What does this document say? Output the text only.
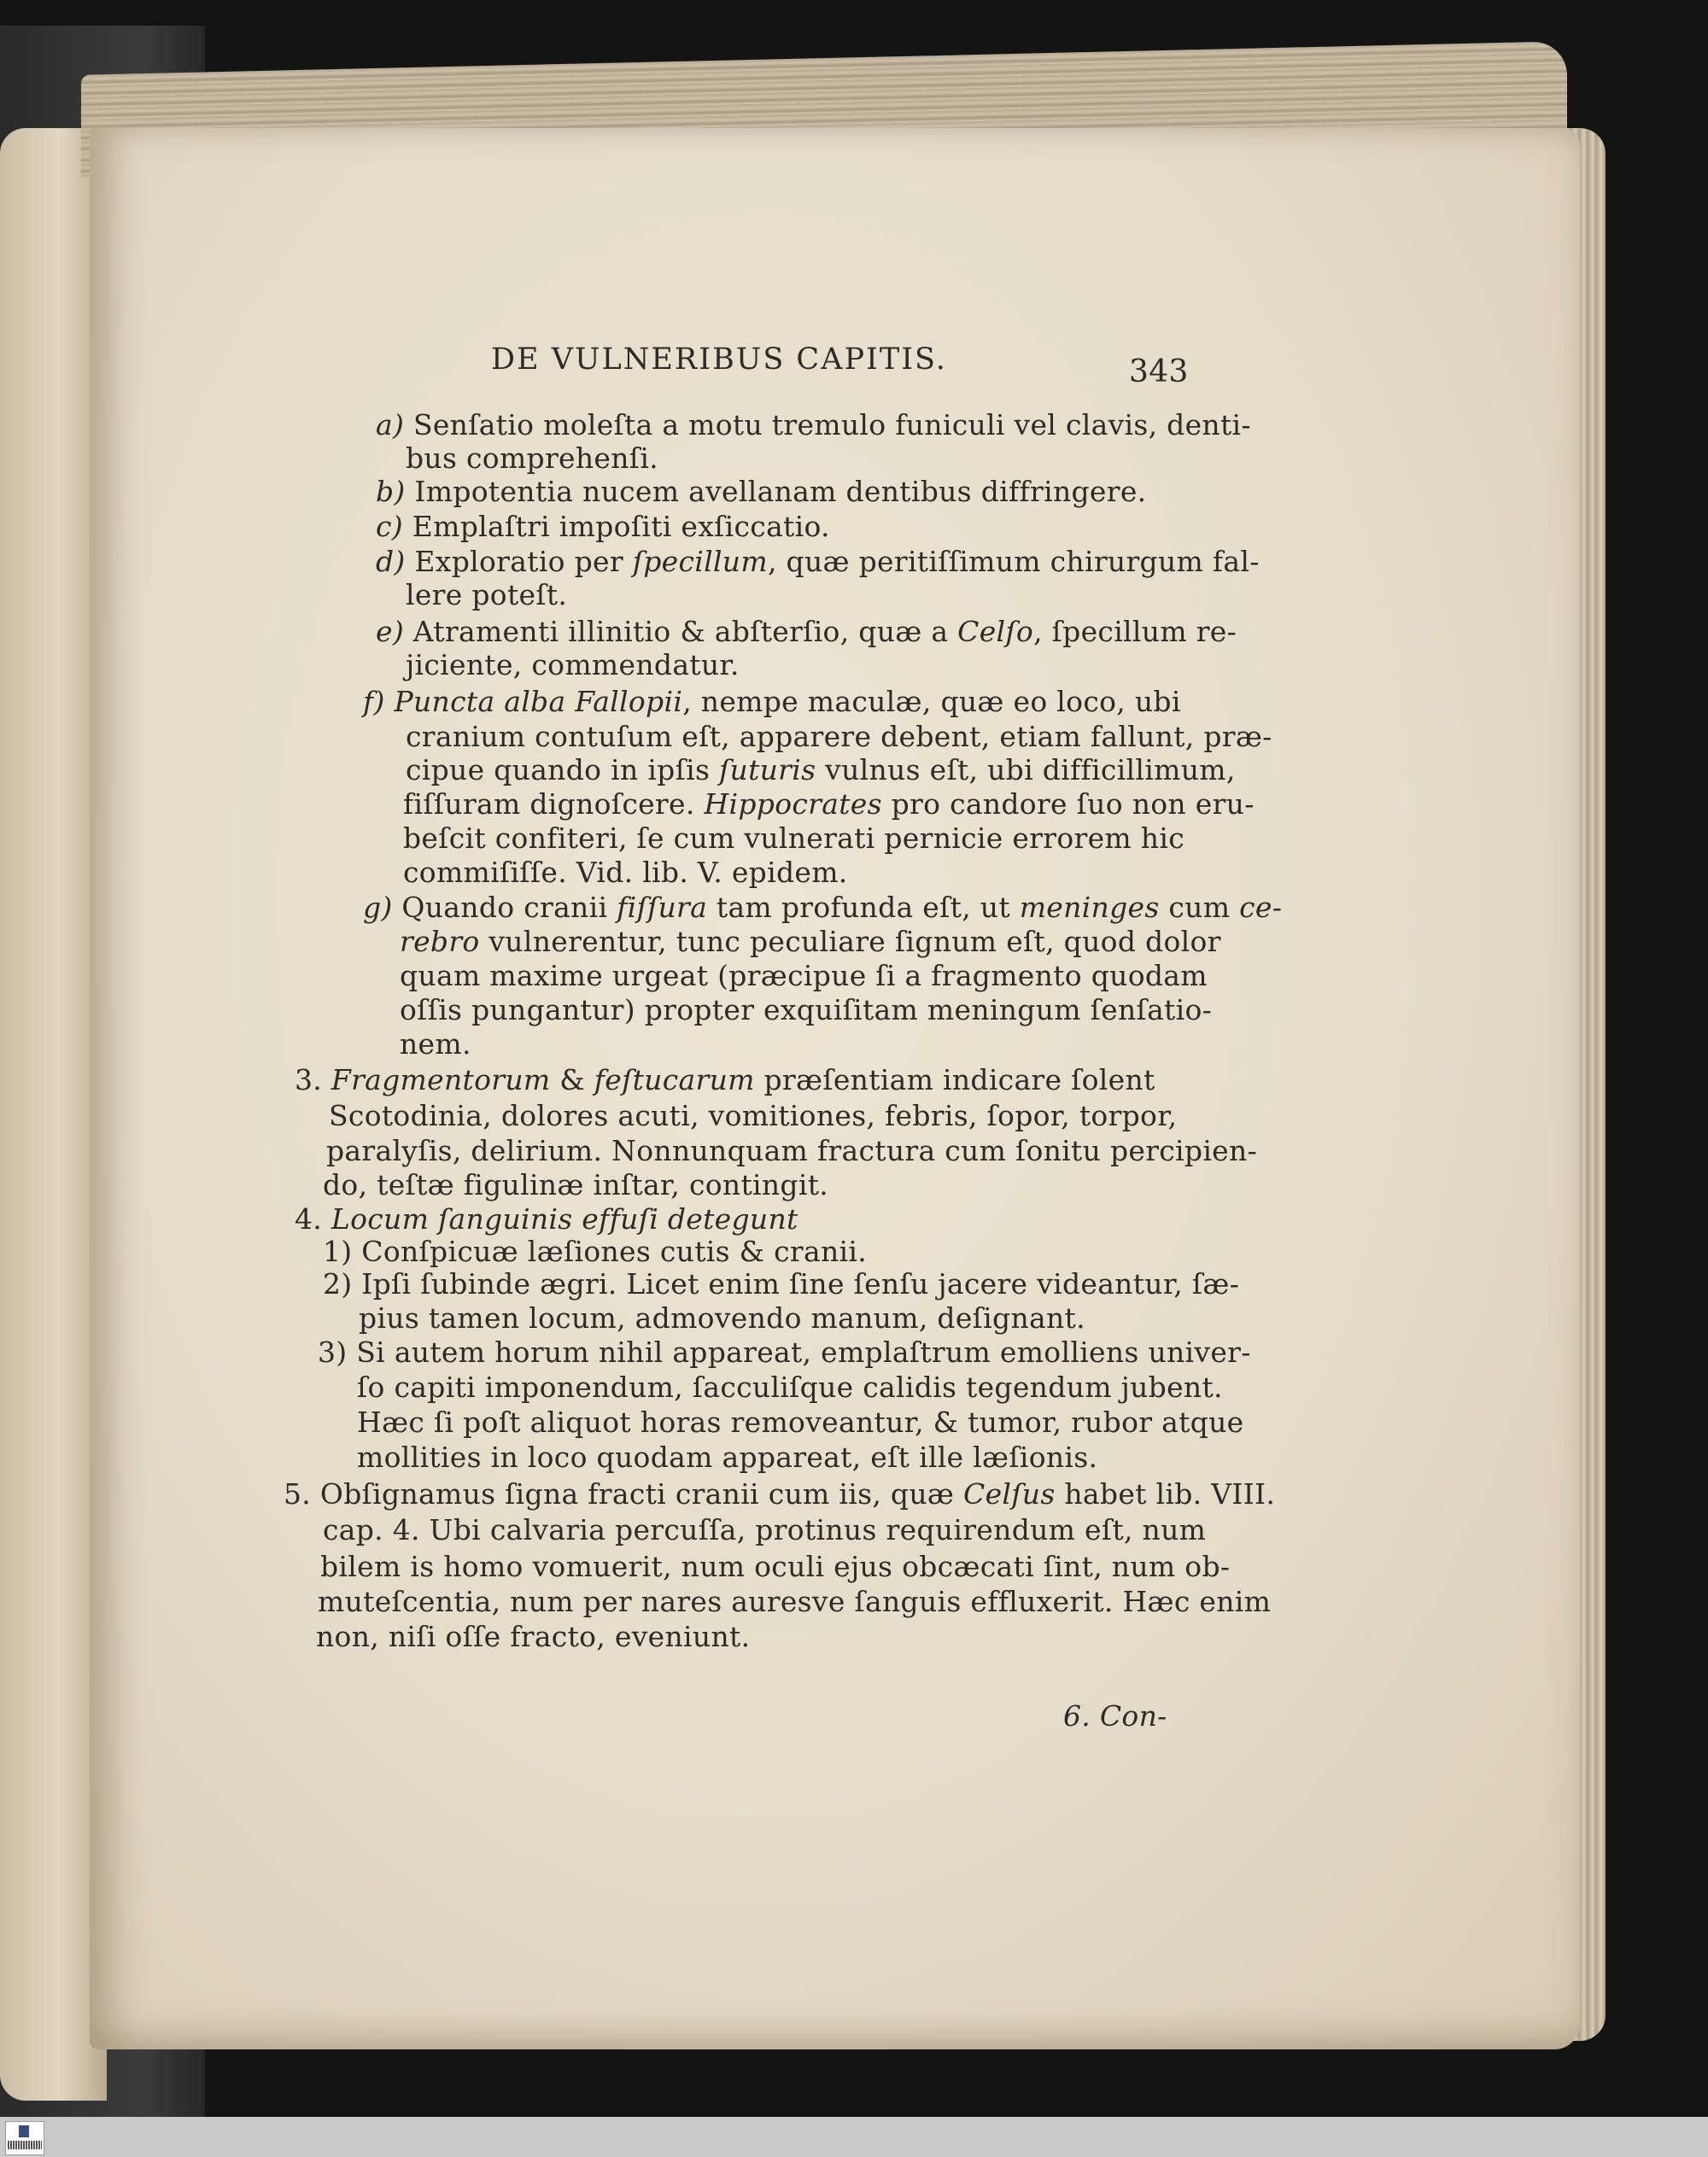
DE VULNERIBUS CAPITIS.	343
a) Senſatio moleſta a motu tremulo funiculi vel clavis, denti-
bus comprehenſi.
b) Impotentia nucem avellanam dentibus diffringere.
c) Emplaſtri impoſiti exſiccatio.
d) Exploratio per ſpecillum, quæ peritiſſimum chirurgum fal-
lere poteſt.
e) Atramenti illinitio & abſterſio, quæ a Celſo, ſpecillum re-
jiciente, commendatur.
f) Puncta alba Fallopii, nempe maculæ, quæ eo loco, ubi
cranium contuſum eſt, apparere debent, etiam fallunt, præ-
cipue quando in ipſis ſuturis vulnus eſt, ubi difficillimum,
fiſſuram dignoſcere. Hippocrates pro candore ſuo non eru-
beſcit confiteri, ſe cum vulnerati pernicie errorem hic
commiſiſſe. Vid. lib. V. epidem.
g) Quando cranii fiſſura tam profunda eſt, ut meninges cum ce-
rebro vulnerentur, tunc peculiare ſignum eſt, quod dolor
quam maxime urgeat (præcipue ſi a fragmento quodam
oſſis pungantur) propter exquiſitam meningum ſenſatio-
nem.
3. Fragmentorum & feſtucarum præſentiam indicare ſolent
Scotodinia, dolores acuti, vomitiones, febris, ſopor, torpor,
paralyſis, delirium. Nonnunquam fractura cum ſonitu percipien-
do, teſtæ figulinæ inſtar, contingit.
4. Locum ſanguinis effuſi detegunt
1) Conſpicuæ læſiones cutis & cranii.
2) Ipſi ſubinde ægri. Licet enim ſine ſenſu jacere videantur, ſæ-
pius tamen locum, admovendo manum, deſignant.
3) Si autem horum nihil appareat, emplaſtrum emolliens univer-
ſo capiti imponendum, ſacculiſque calidis tegendum jubent.
Hæc ſi poſt aliquot horas removeantur, & tumor, rubor atque
mollities in loco quodam appareat, eſt ille læſionis.
5. Obſignamus ſigna fracti cranii cum iis, quæ Celſus habet lib. VIII.
cap. 4. Ubi calvaria percuſſa, protinus requirendum eſt, num
bilem is homo vomuerit, num oculi ejus obcæcati ſint, num ob-
muteſcentia, num per nares auresve ſanguis effluxerit. Hæc enim
non, niſi oſſe fracto, eveniunt.
6. Con-
